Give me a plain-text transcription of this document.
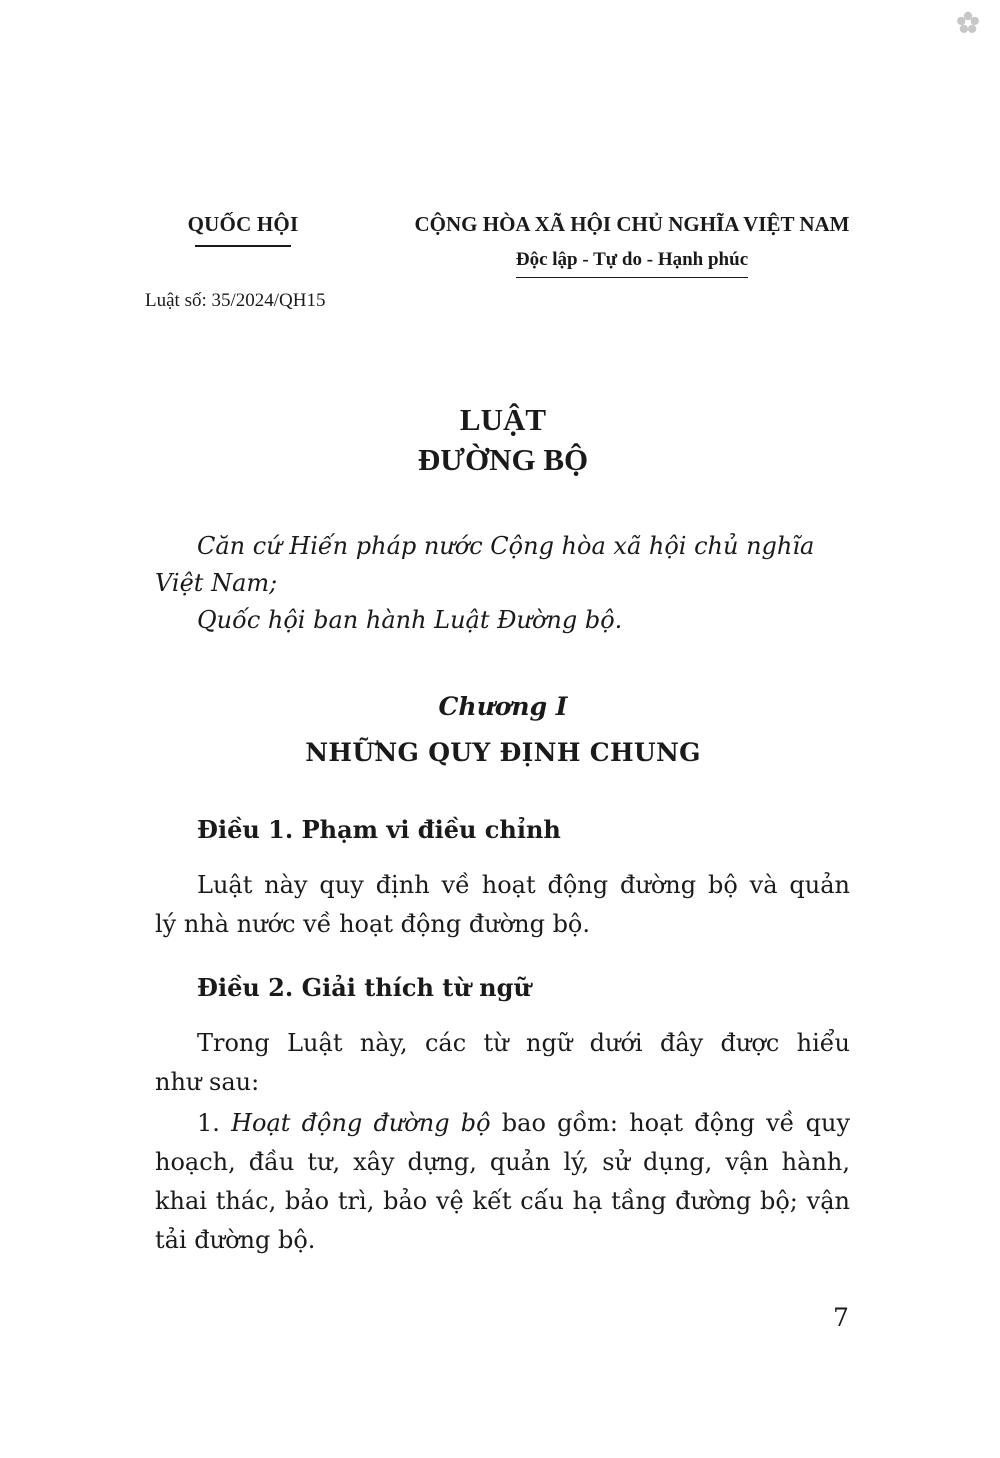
QUỐC HỘI	CỘNG HÒA XÃ HỘI CHỦ NGHĨA VIỆT NAM
Độc lập - Tự do - Hạnh phúc
Luật số: 35/2024/QH15
LUẬT
ĐƯỜNG BỘ

Căn cứ Hiến pháp nước Cộng hòa xã hội chủ nghĩa

Việt Nam;

Quốc hội ban hành Luật Đường bộ.

Chương I
NHỮNG QUY ĐỊNH CHUNG
Điều 1. Phạm vi điều chỉnh

Luật này quy định về hoạt động đường bộ và quản

lý nhà nước về hoạt động đường bộ.

Điều 2. Giải thích từ ngữ

Trong Luật này, các từ ngữ dưới đây được hiểu

như sau:

1. Hoạt động đường bộ bao gồm: hoạt động về quy

hoạch, đầu tư, xây dựng, quản lý, sử dụng, vận hành,

khai thác, bảo trì, bảo vệ kết cấu hạ tầng đường bộ; vận

tải đường bộ.

7
